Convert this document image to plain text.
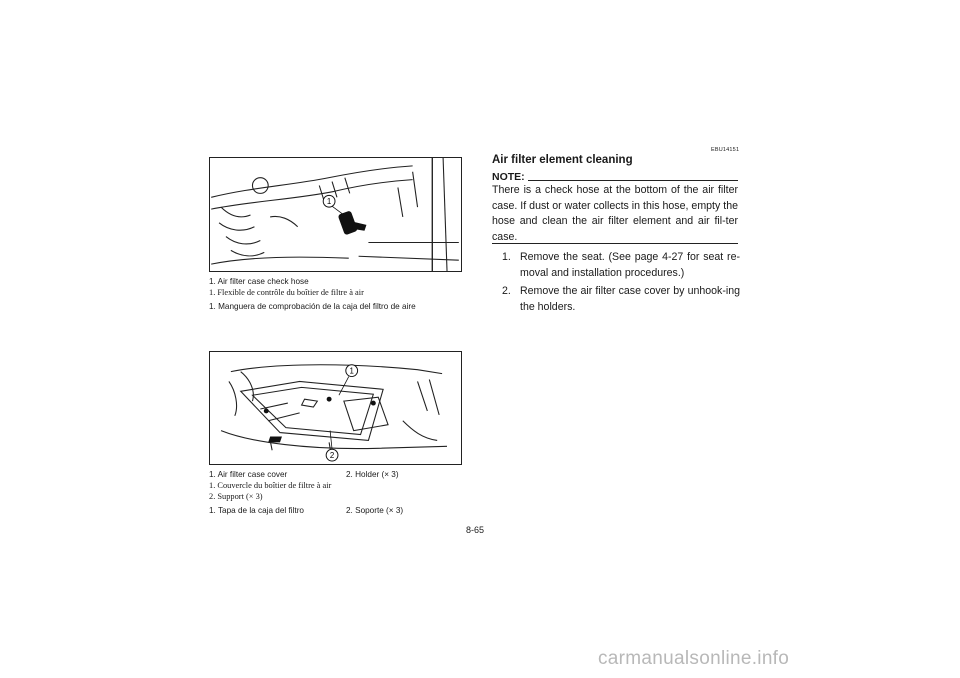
1
1. Air filter case check hose
1. Flexible de contrôle du boîtier de filtre à air
1. Manguera de comprobación de la caja del filtro de aire
1
2
1. Air filter case cover	2. Holder (× 3)
1. Couvercle du boîtier de filtre à air
2. Support (× 3)
1. Tapa de la caja del filtro	2. Soporte (× 3)
EBU14151
Air filter element cleaning
NOTE:
There is a check hose at the bottom of the air filter case. If dust or water collects in this hose, empty the hose and clean the air filter element and air fil-ter case.
1. Remove the seat. (See page 4-27 for seat re-moval and installation procedures.)
2. Remove the air filter case cover by unhook-ing the holders.
8-65
carmanualsonline.info
